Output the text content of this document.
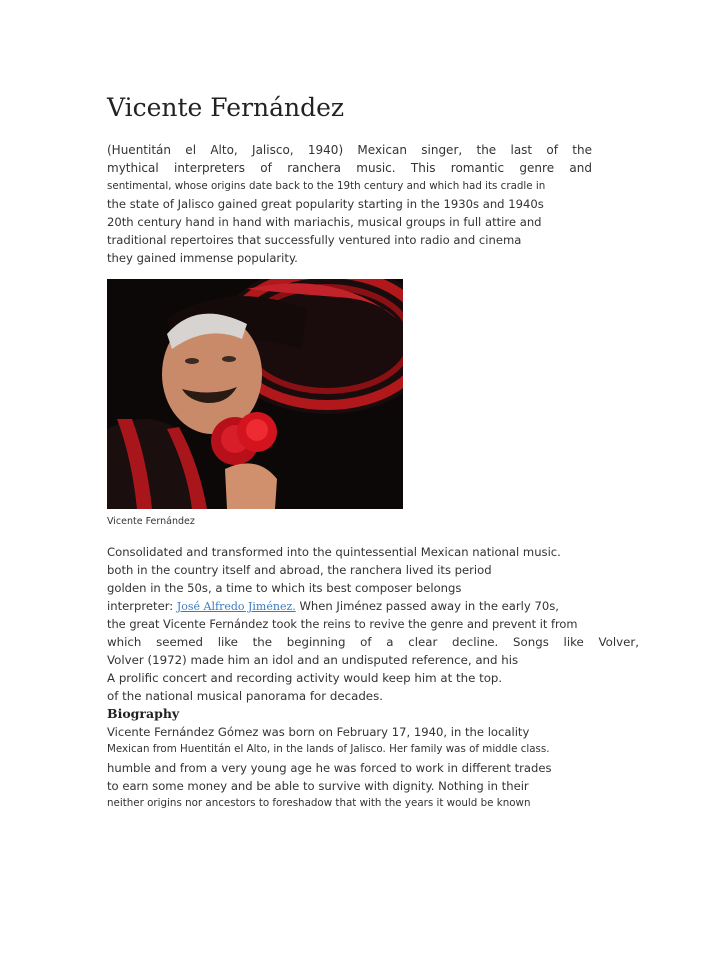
Vicente Fernández
(Huentitán el Alto, Jalisco, 1940) Mexican singer, the last of the
mythical interpreters of ranchera music. This romantic genre and
sentimental, whose origins date back to the 19th century and which had its cradle in
the state of Jalisco gained great popularity starting in the 1930s and 1940s
20th century hand in hand with mariachis, musical groups in full attire and
traditional repertoires that successfully ventured into radio and cinema
they gained immense popularity.
Vicente Fernández
Consolidated and transformed into the quintessential Mexican national music.
both in the country itself and abroad, the ranchera lived its period
golden in the 50s, a time to which its best composer belongs
interpreter: José Alfredo Jiménez. When Jiménez passed away in the early 70s,
the great Vicente Fernández took the reins to revive the genre and prevent it from
which seemed like the beginning of a clear decline. Songs like Volver,
Volver (1972) made him an idol and an undisputed reference, and his
A prolific concert and recording activity would keep him at the top.
of the national musical panorama for decades.
Biography
Vicente Fernández Gómez was born on February 17, 1940, in the locality
Mexican from Huentitán el Alto, in the lands of Jalisco. Her family was of middle class.
humble and from a very young age he was forced to work in different trades
to earn some money and be able to survive with dignity. Nothing in their
neither origins nor ancestors to foreshadow that with the years it would be known
